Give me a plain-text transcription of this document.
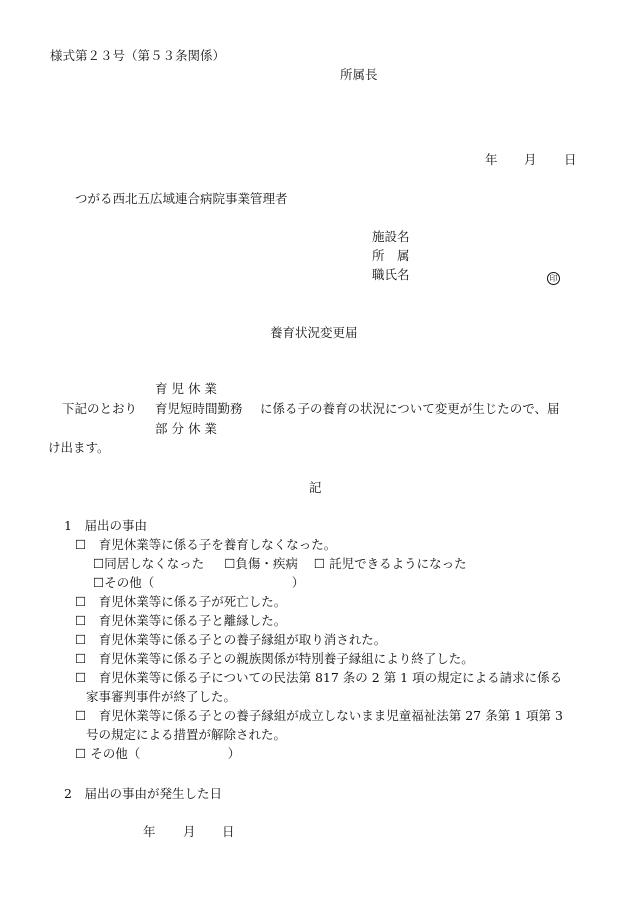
様式第２３号（第５３条関係）
所属長
年 月 日
つがる西北五広域連合病院事業管理者
施設名
所　属
職氏名	印
養育状況変更届
育 児 休 業
下記のとおり 育児短時間勤務 に係る子の養育の状況について変更が生じたので、届
部 分 休 業
け出ます。
記
1　届出の事由
☐　 育児休業等に係る子を養育しなくなった。
☐同居しなくなった ☐負傷・疾病 ☐ 託児できるようになった
☐その他（　　　　　　　　　　　）
☐　 育児休業等に係る子が死亡した。
☐　 育児休業等に係る子と離縁した。
☐　 育児休業等に係る子との養子縁組が取り消された。
☐　 育児休業等に係る子との親族関係が特別養子縁組により終了した。
☐　 育児休業等に係る子についての民法第 817 条の 2 第 1 項の規定による請求に係る
家事審判事件が終了した。
☐　 育児休業等に係る子との養子縁組が成立しないまま児童福祉法第 27 条第 1 項第 3
号の規定による措置が解除された。
☐ その他（　　　　　　　）
2　届出の事由が発生した日
年 月 日
